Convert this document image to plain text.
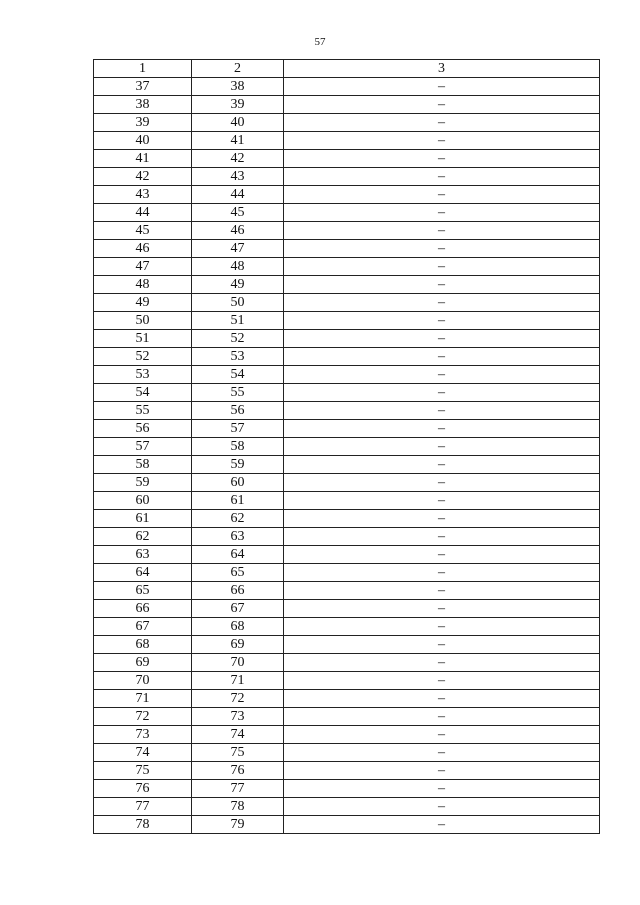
57
1	2	3
37	38	–
38	39	–
39	40	–
40	41	–
41	42	–
42	43	–
43	44	–
44	45	–
45	46	–
46	47	–
47	48	–
48	49	–
49	50	–
50	51	–
51	52	–
52	53	–
53	54	–
54	55	–
55	56	–
56	57	–
57	58	–
58	59	–
59	60	–
60	61	–
61	62	–
62	63	–
63	64	–
64	65	–
65	66	–
66	67	–
67	68	–
68	69	–
69	70	–
70	71	–
71	72	–
72	73	–
73	74	–
74	75	–
75	76	–
76	77	–
77	78	–
78	79	–
